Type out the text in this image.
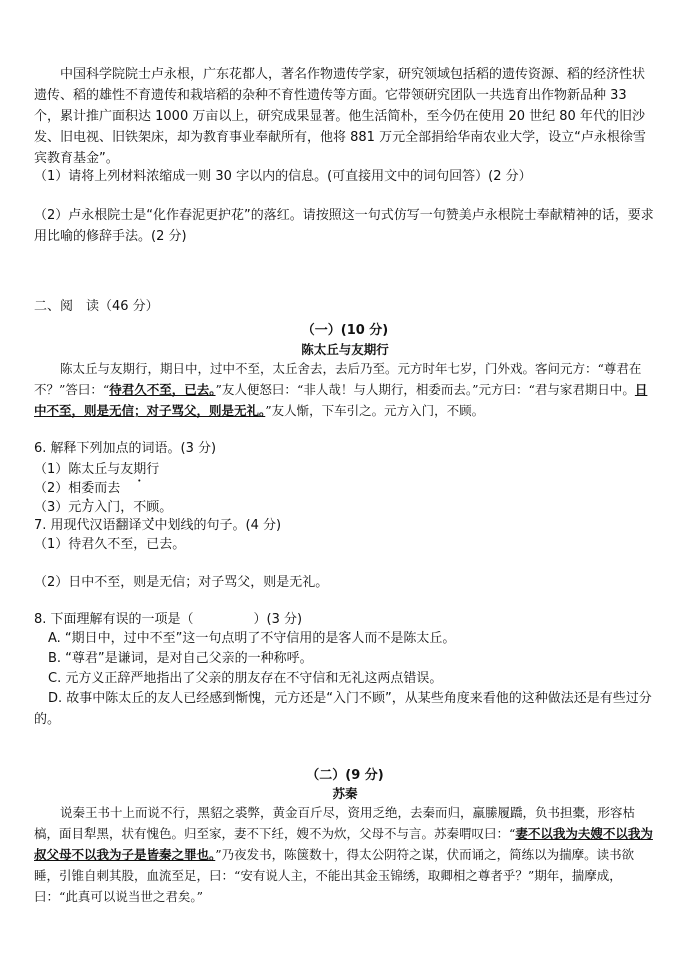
中国科学院院士卢永根，广东花都人，著名作物遗传学家，研究领域包括稻的遗传资源、稻的经济性状遗传、稻的雄性不育遗传和栽培稻的杂种不育性遗传等方面。它带领研究团队一共选育出作物新品种 33 个，累计推广面积达 1000 万亩以上，研究成果显著。他生活简朴，至今仍在使用 20 世纪 80 年代的旧沙发、旧电视、旧铁架床，却为教育事业奉献所有，他将 881 万元全部捐给华南农业大学，设立“卢永根徐雪宾教育基金”。

（1）请将上列材料浓缩成一则 30 字以内的信息。(可直接用文中的词句回答）(2 分）

（2）卢永根院士是“化作春泥更护花”的落红。请按照这一句式仿写一句赞美卢永根院士奉献精神的话，要求用比喻的修辞手法。(2 分)

二、阅　读（46 分）

（一）(10 分)

陈太丘与友期行

陈太丘与友期行，期日中，过中不至，太丘舍去，去后乃至。元方时年七岁，门外戏。客问元方：“尊君在不？”答曰：“待君久不至，已去。”友人便怒曰：“非人哉！与人期行，相委而去。”元方曰：“君与家君期日中。日中不至，则是无信；对子骂父，则是无礼。”友人惭，下车引之。元方入门，不顾。

6. 解释下列加点的词语。(3 分)

（1）陈太丘与友期行

（2）相委而去

（3）元方入门，不顾。

7. 用现代汉语翻译文中划线的句子。(4 分)

（1）待君久不至，已去。

（2）日中不至，则是无信；对子骂父，则是无礼。

8. 下面理解有误的一项是（	）(3 分)

A. “期日中，过中不至”这一句点明了不守信用的是客人而不是陈太丘。

B. “尊君”是谦词，是对自己父亲的一种称呼。

C. 元方义正辞严地指出了父亲的朋友存在不守信和无礼这两点错误。

D. 故事中陈太丘的友人已经感到惭愧，元方还是“入门不顾”，从某些角度来看他的这种做法还是有些过分的。

（二）(9 分)

苏秦

说秦王书十上而说不行，黑貂之裘弊，黄金百斤尽，资用乏绝，去秦而归，羸縢履蹻，负书担橐，形容枯槁，面目犁黑，状有愧色。归至家，妻不下纴，嫂不为炊，父母不与言。苏秦喟叹曰：“妻不以我为夫嫂不以我为叔父母不以我为子是皆秦之罪也。”乃夜发书，陈箧数十，得太公阴符之谋，伏而诵之，简练以为揣摩。读书欲睡，引锥自刺其股，血流至足，曰：“安有说人主，不能出其金玉锦绣，取卿相之尊者乎？”期年，揣摩成，曰：“此真可以说当世之君矣。”
